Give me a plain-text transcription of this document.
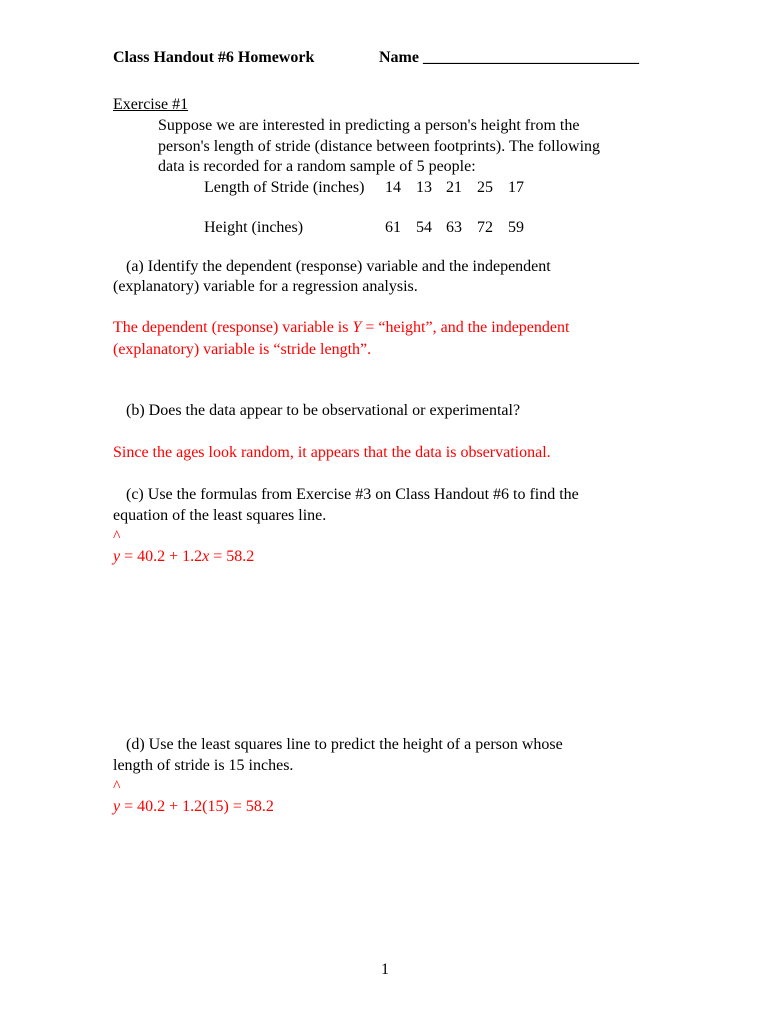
Class Handout #6 Homework	Name ___________________________
Exercise #1
Suppose we are interested in predicting a person's height from the
person's length of stride (distance between footprints). The following
data is recorded for a random sample of 5 people:
Length of Stride (inches) 14 13 21 25 17
Height (inches)	61 54 63 72 59
(a) Identify the dependent (response) variable and the independent
(explanatory) variable for a regression analysis.
The dependent (response) variable is Y = “height”, and the independent
(explanatory) variable is “stride length”.
(b) Does the data appear to be observational or experimental?
Since the ages look random, it appears that the data is observational.
(c) Use the formulas from Exercise #3 on Class Handout #6 to find the
equation of the least squares line.
^
y = 40.2 + 1.2x = 58.2
(d) Use the least squares line to predict the height of a person whose
length of stride is 15 inches.
^
y = 40.2 + 1.2(15) = 58.2
1
